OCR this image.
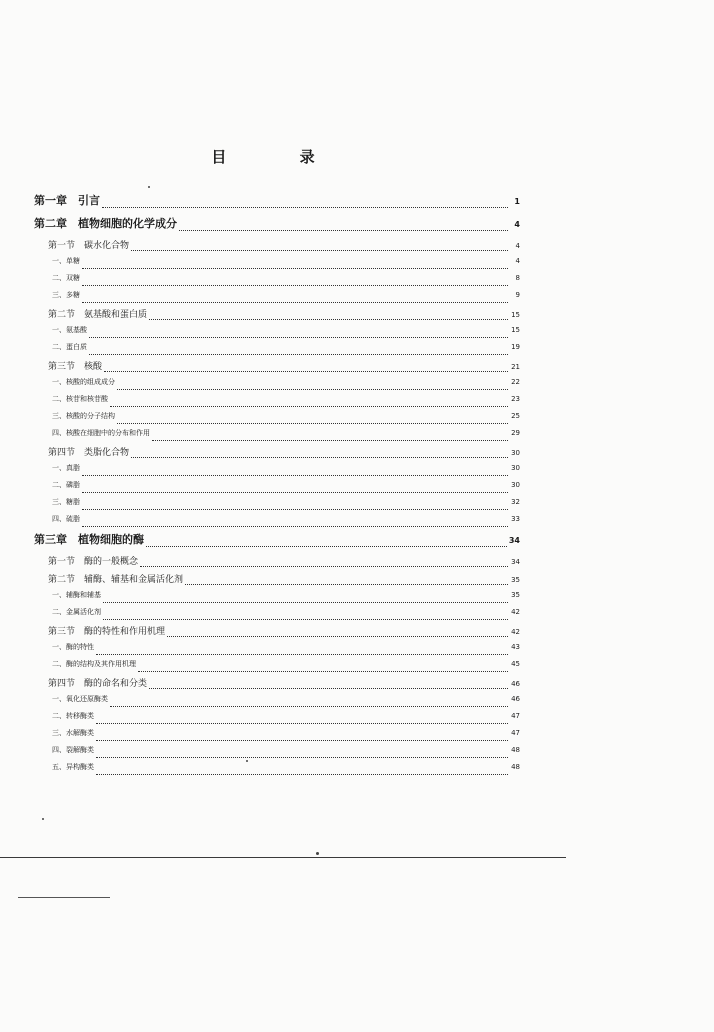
目 录
第一章　引言	1
第二章　植物细胞的化学成分	4
第一节　碳水化合物	4
一、单糖	4
二、双糖	8
三、多糖	9
第二节　氨基酸和蛋白质	15
一、氨基酸	15
二、蛋白质	19
第三节　核酸	21
一、核酸的组成成分	22
二、核苷和核苷酸	23
三、核酸的分子结构	25
四、核酸在细胞中的分布和作用	29
第四节　类脂化合物	30
一、真脂	30
二、磷脂	30
三、糖脂	32
四、硫脂	33
第三章　植物细胞的酶	34
第一节　酶的一般概念	34
第二节　辅酶、辅基和金属活化剂	35
一、辅酶和辅基	35
二、金属活化剂	42
第三节　酶的特性和作用机理	42
一、酶的特性	43
二、酶的结构及其作用机理	45
第四节　酶的命名和分类	46
一、氧化还原酶类	46
二、转移酶类	47
三、水解酶类	47
四、裂解酶类	48
五、异构酶类	48
